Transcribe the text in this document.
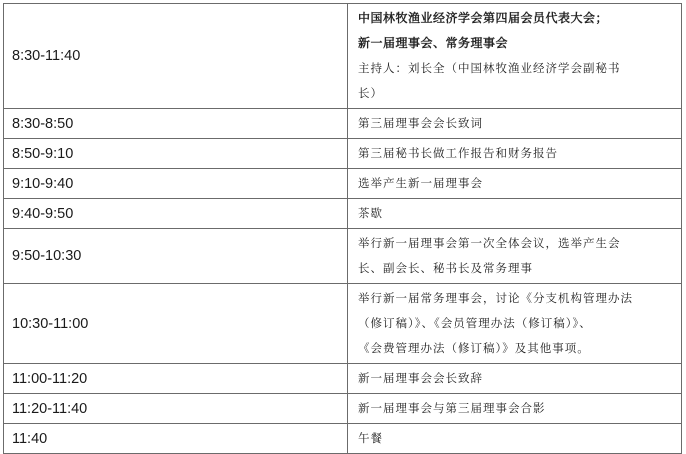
8:30-11:40	中国林牧渔业经济学会第四届会员代表大会；
新一届理事会、常务理事会
主持人：刘长全（中国林牧渔业经济学会副秘书
长）

8:30-8:50	第三届理事会会长致词

8:50-9:10	第三届秘书长做工作报告和财务报告

9:10-9:40	选举产生新一届理事会

9:40-9:50	茶歇

9:50-10:30	举行新一届理事会第一次全体会议，选举产生会
长、副会长、秘书长及常务理事

10:30-11:00	举行新一届常务理事会，讨论《分支机构管理办法
（修订稿）》、《会员管理办法（修订稿）》、
《会费管理办法（修订稿）》及其他事项。

11:00-11:20	新一届理事会会长致辞

11:20-11:40	新一届理事会与第三届理事会合影

11:40	午餐
